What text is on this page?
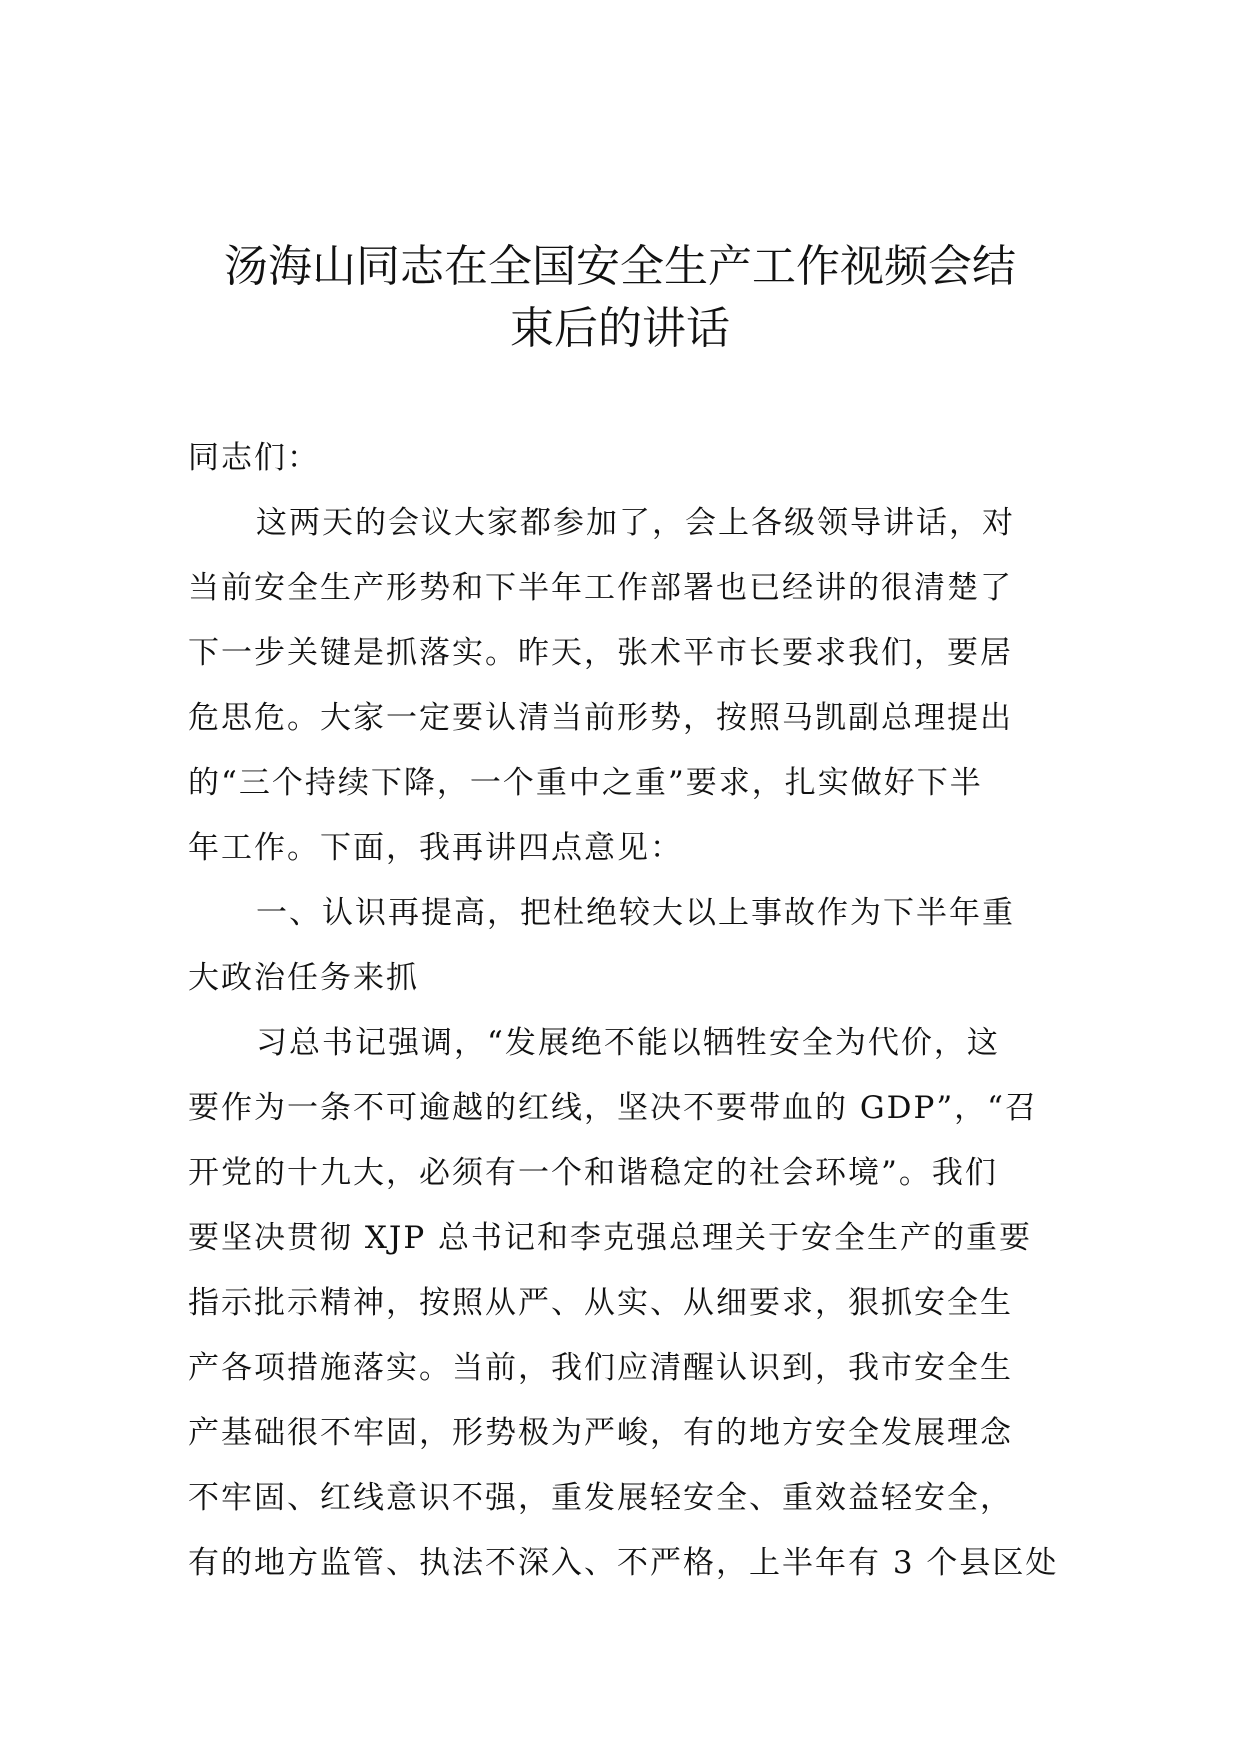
汤海山同志在全国安全生产工作视频会结
束后的讲话
同志们：
这两天的会议大家都参加了，会上各级领导讲话，对
当前安全生产形势和下半年工作部署也已经讲的很清楚了
下一步关键是抓落实。昨天，张术平市长要求我们，要居
危思危。大家一定要认清当前形势，按照马凯副总理提出
的“三个持续下降，一个重中之重”要求，扎实做好下半
年工作。下面，我再讲四点意见：
一、认识再提高，把杜绝较大以上事故作为下半年重
大政治任务来抓
习总书记强调，“发展绝不能以牺牲安全为代价，这
要作为一条不可逾越的红线，坚决不要带血的 GDP”，“召
开党的十九大，必须有一个和谐稳定的社会环境”。我们
要坚决贯彻 XJP 总书记和李克强总理关于安全生产的重要
指示批示精神，按照从严、从实、从细要求，狠抓安全生
产各项措施落实。当前，我们应清醒认识到，我市安全生
产基础很不牢固，形势极为严峻，有的地方安全发展理念
不牢固、红线意识不强，重发展轻安全、重效益轻安全，
有的地方监管、执法不深入、不严格，上半年有 3 个县区处
